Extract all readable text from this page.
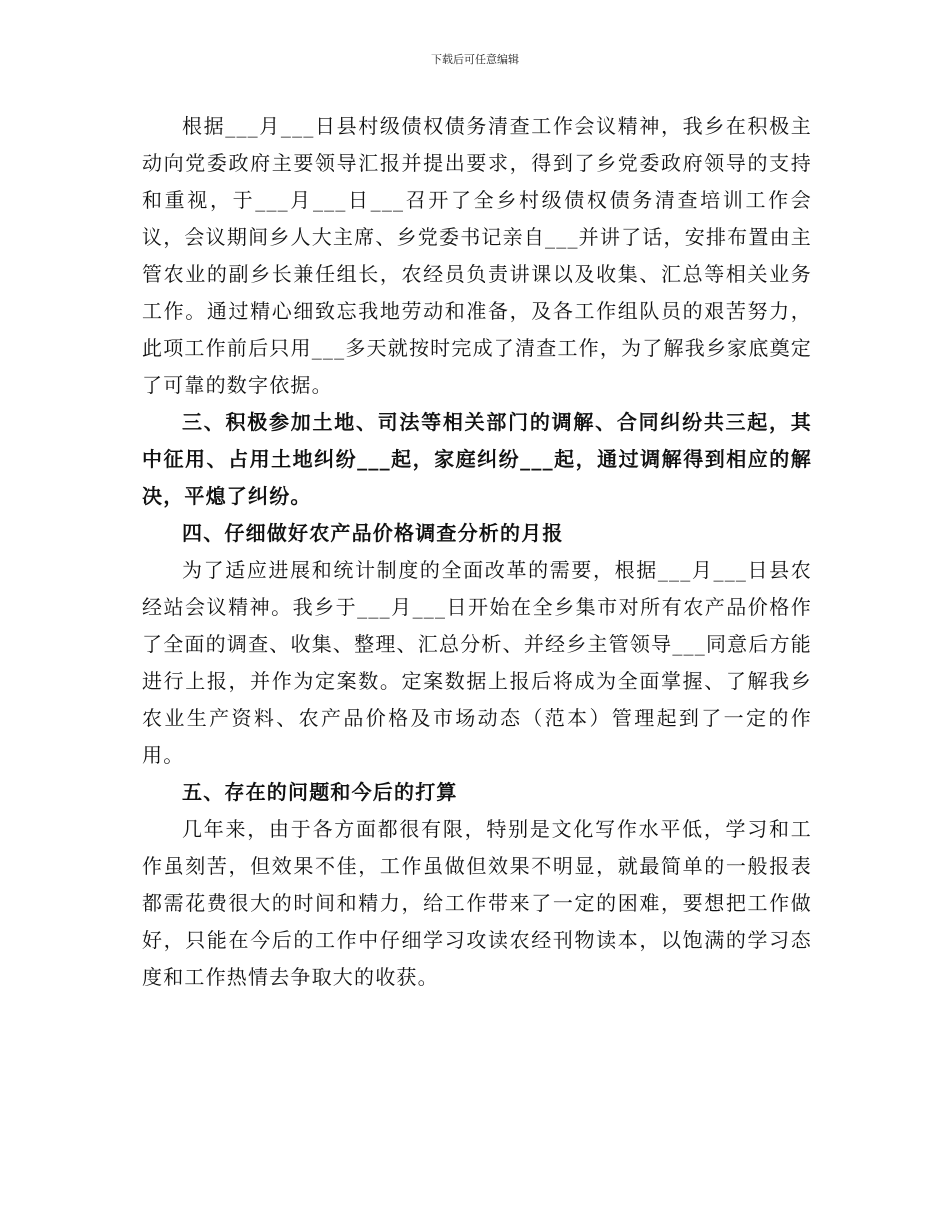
下载后可任意编辑

根据___月___日县村级债权债务清查工作会议精神，我乡在积极主动向党委政府主要领导汇报并提出要求，得到了乡党委政府领导的支持和重视，于___月___日___召开了全乡村级债权债务清查培训工作会议，会议期间乡人大主席、乡党委书记亲自___并讲了话，安排布置由主管农业的副乡长兼任组长，农经员负责讲课以及收集、汇总等相关业务工作。通过精心细致忘我地劳动和准备，及各工作组队员的艰苦努力，此项工作前后只用___多天就按时完成了清查工作，为了解我乡家底奠定了可靠的数字依据。

三、积极参加土地、司法等相关部门的调解、合同纠纷共三起，其中征用、占用土地纠纷___起，家庭纠纷___起，通过调解得到相应的解决，平熄了纠纷。

四、仔细做好农产品价格调查分析的月报

为了适应进展和统计制度的全面改革的需要，根据___月___日县农经站会议精神。我乡于___月___日开始在全乡集市对所有农产品价格作了全面的调查、收集、整理、汇总分析、并经乡主管领导___同意后方能进行上报，并作为定案数。定案数据上报后将成为全面掌握、了解我乡农业生产资料、农产品价格及市场动态（范本）管理起到了一定的作用。

五、存在的问题和今后的打算

几年来，由于各方面都很有限，特别是文化写作水平低，学习和工作虽刻苦，但效果不佳，工作虽做但效果不明显，就最简单的一般报表都需花费很大的时间和精力，给工作带来了一定的困难，要想把工作做好，只能在今后的工作中仔细学习攻读农经刊物读本，以饱满的学习态度和工作热情去争取大的收获。
